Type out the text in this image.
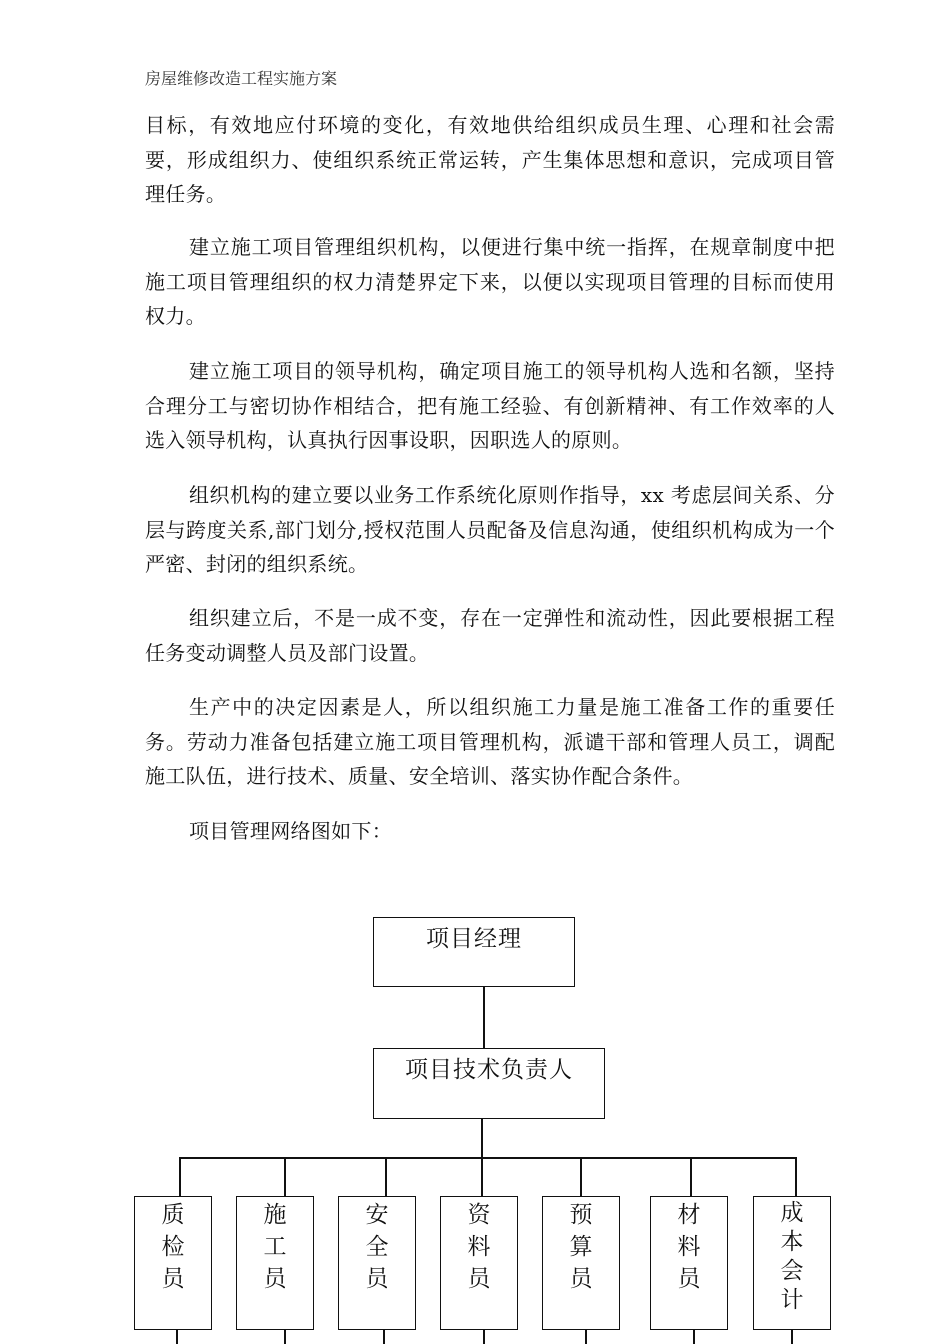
房屋维修改造工程实施方案

目标，有效地应付环境的变化，有效地供给组织成员生理、心理和社会需要，形成组织力、使组织系统正常运转，产生集体思想和意识，完成项目管理任务。

建立施工项目管理组织机构，以便进行集中统一指挥，在规章制度中把施工项目管理组织的权力清楚界定下来，以便以实现项目管理的目标而使用权力。

建立施工项目的领导机构，确定项目施工的领导机构人选和名额，坚持合理分工与密切协作相结合，把有施工经验、有创新精神、有工作效率的人选入领导机构，认真执行因事设职，因职选人的原则。

组织机构的建立要以业务工作系统化原则作指导，xx 考虑层间关系、分层与跨度关系,部门划分,授权范围人员配备及信息沟通，使组织机构成为一个严密、封闭的组织系统。

组织建立后，不是一成不变，存在一定弹性和流动性，因此要根据工程任务变动调整人员及部门设置。

生产中的决定因素是人，所以组织施工力量是施工准备工作的重要任务。劳动力准备包括建立施工项目管理机构，派谴干部和管理人员工，调配施工队伍，进行技术、质量、安全培训、落实协作配合条件。

项目管理网络图如下：

项目经理
项目技术负责人
质检员
施工员
安全员
资料员
预算员
材料员
成本会计
